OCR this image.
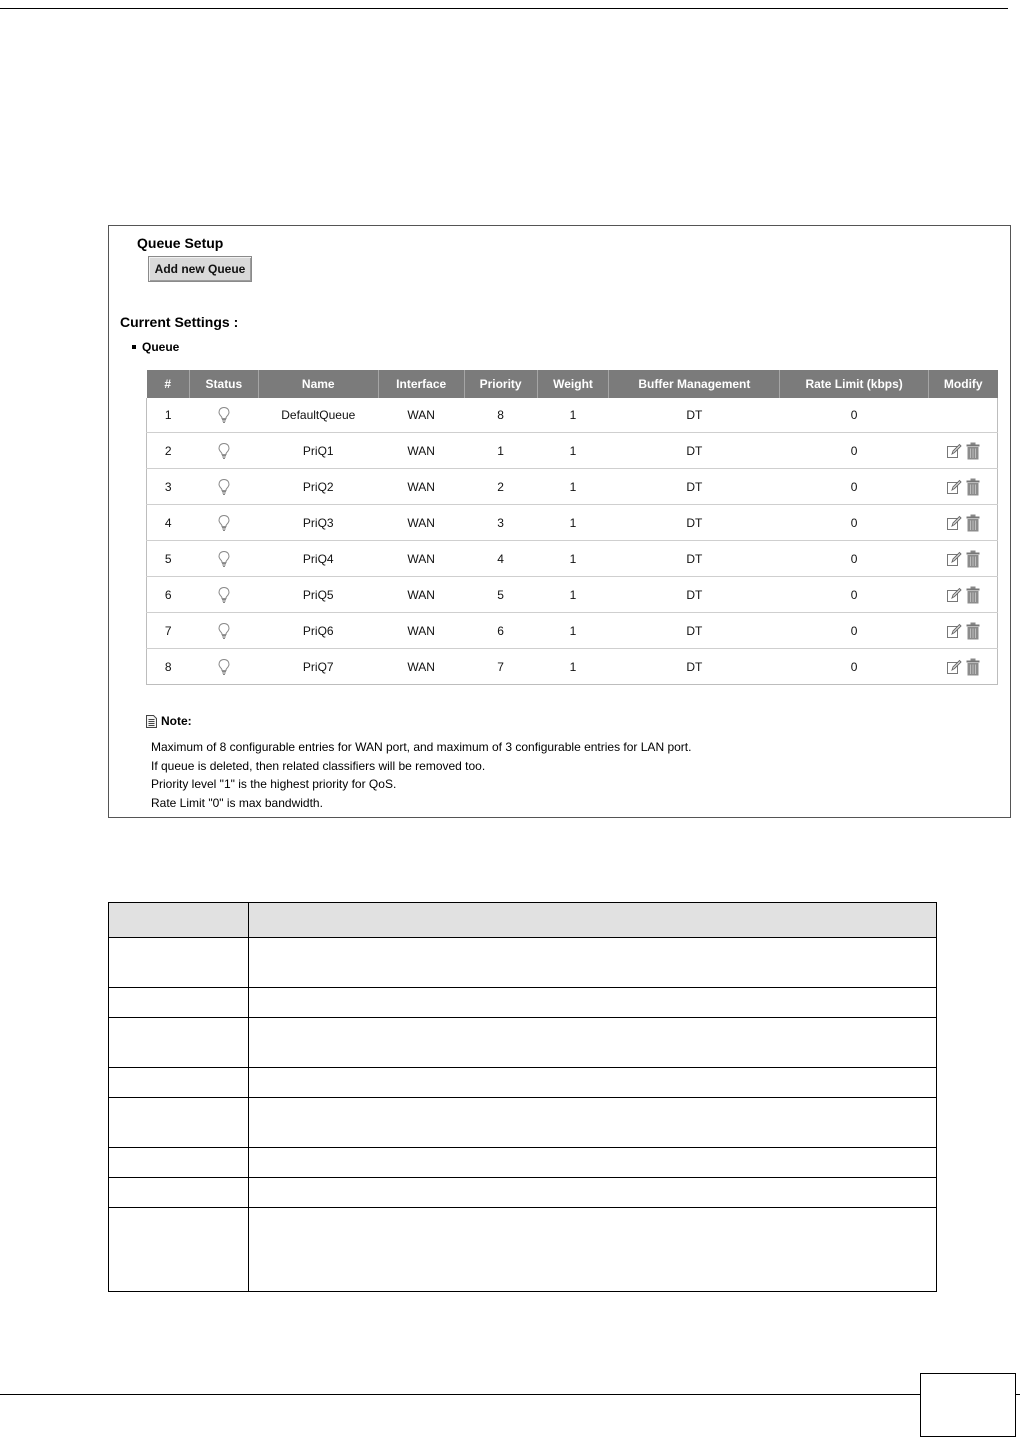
Queue Setup
Add new Queue
Current Settings :
Queue
#	Status	Name	Interface	Priority	Weight	Buffer Management	Rate Limit (kbps)	Modify
1		DefaultQueue	WAN	8	1	DT	0	
2		PriQ1	WAN	1	1	DT	0	
3		PriQ2	WAN	2	1	DT	0	
4		PriQ3	WAN	3	1	DT	0	
5		PriQ4	WAN	4	1	DT	0	
6		PriQ5	WAN	5	1	DT	0	
7		PriQ6	WAN	6	1	DT	0	
8		PriQ7	WAN	7	1	DT	0	
Note:
Maximum of 8 configurable entries for WAN port, and maximum of 3 configurable entries for LAN port.
If queue is deleted, then related classifiers will be removed too.
Priority level "1" is the highest priority for QoS.
Rate Limit "0" is max bandwidth.
